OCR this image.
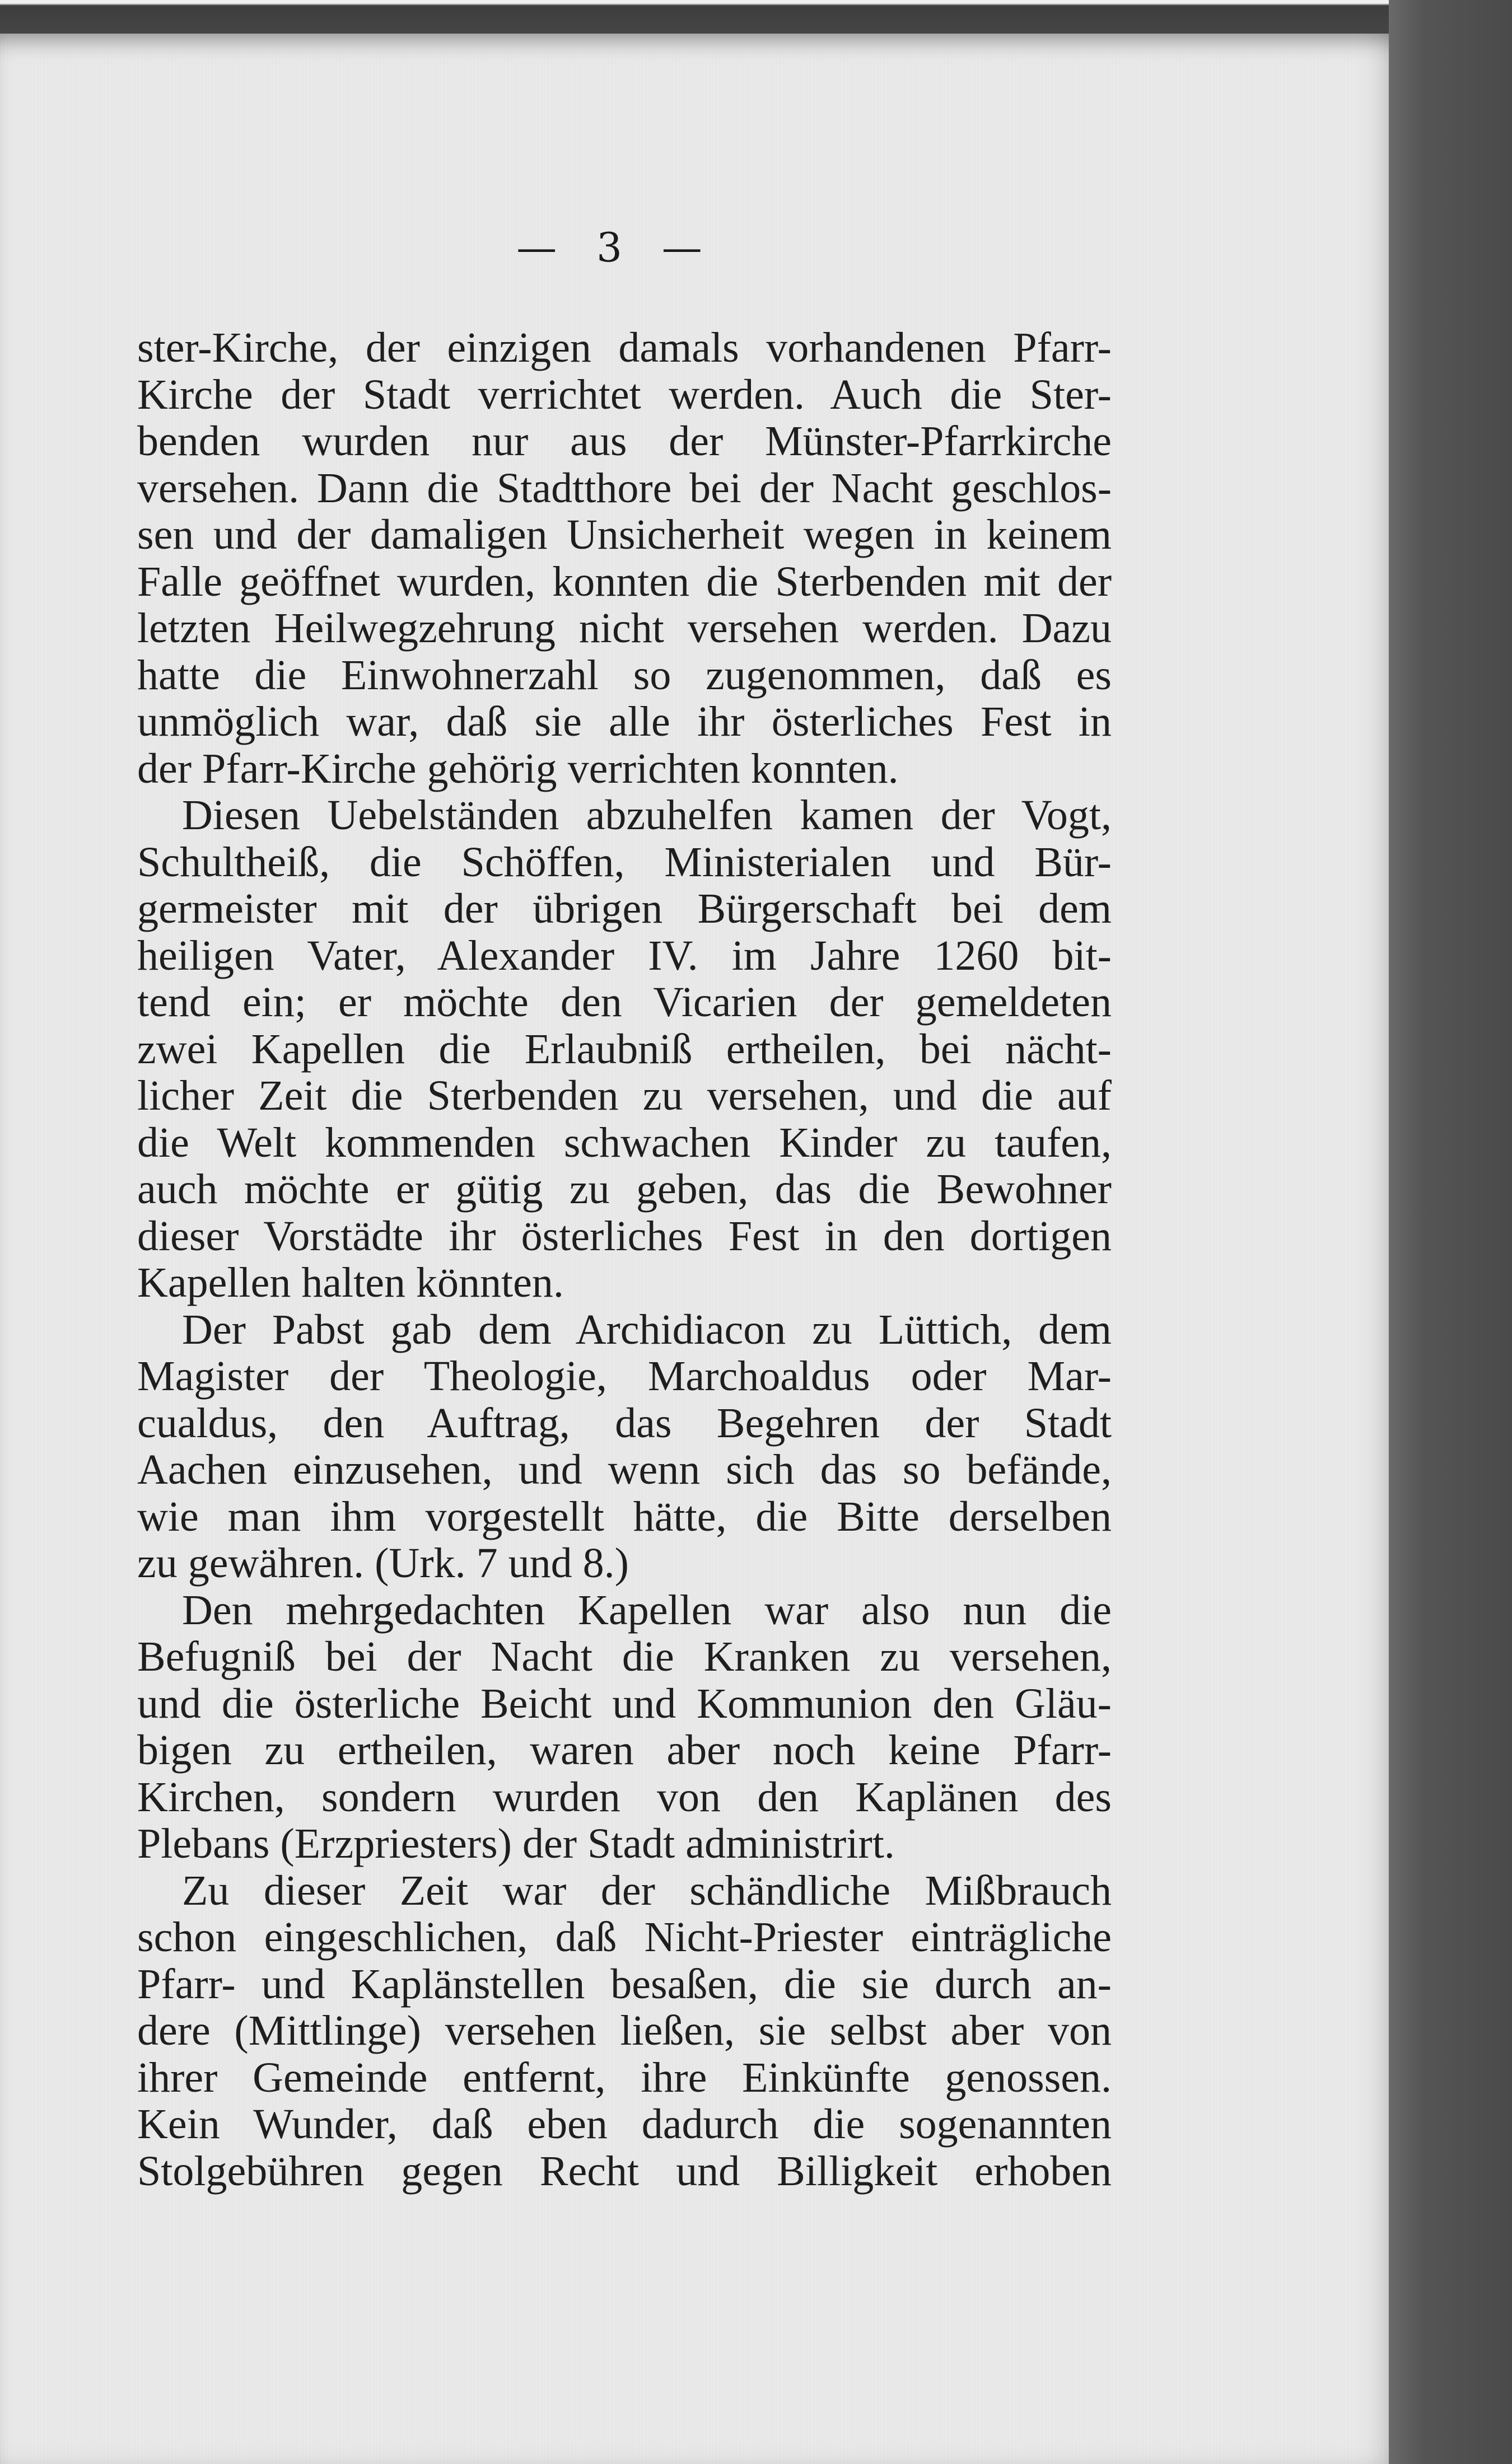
— 3 —
ster-Kirche, der einzigen damals vorhandenen Pfarr-
Kirche der Stadt verrichtet werden. Auch die Ster-
benden wurden nur aus der Münster-Pfarrkirche
versehen. Dann die Stadtthore bei der Nacht geschlos-
sen und der damaligen Unsicherheit wegen in keinem
Falle geöffnet wurden, konnten die Sterbenden mit der
letzten Heilwegzehrung nicht versehen werden. Dazu
hatte die Einwohnerzahl so zugenommen, daß es
unmöglich war, daß sie alle ihr österliches Fest in
der Pfarr-Kirche gehörig verrichten konnten.
Diesen Uebelständen abzuhelfen kamen der Vogt,
Schultheiß, die Schöffen, Ministerialen und Bür-
germeister mit der übrigen Bürgerschaft bei dem
heiligen Vater, Alexander IV. im Jahre 1260 bit-
tend ein; er möchte den Vicarien der gemeldeten
zwei Kapellen die Erlaubniß ertheilen, bei nächt-
licher Zeit die Sterbenden zu versehen, und die auf
die Welt kommenden schwachen Kinder zu taufen,
auch möchte er gütig zu geben, das die Bewohner
dieser Vorstädte ihr österliches Fest in den dortigen
Kapellen halten könnten.
Der Pabst gab dem Archidiacon zu Lüttich, dem
Magister der Theologie, Marchoaldus oder Mar-
cualdus, den Auftrag, das Begehren der Stadt
Aachen einzusehen, und wenn sich das so befände,
wie man ihm vorgestellt hätte, die Bitte derselben
zu gewähren. (Urk. 7 und 8.)
Den mehrgedachten Kapellen war also nun die
Befugniß bei der Nacht die Kranken zu versehen,
und die österliche Beicht und Kommunion den Gläu-
bigen zu ertheilen, waren aber noch keine Pfarr-
Kirchen, sondern wurden von den Kaplänen des
Plebans (Erzpriesters) der Stadt administrirt.
Zu dieser Zeit war der schändliche Mißbrauch
schon eingeschlichen, daß Nicht-Priester einträgliche
Pfarr- und Kaplänstellen besaßen, die sie durch an-
dere (Mittlinge) versehen ließen, sie selbst aber von
ihrer Gemeinde entfernt, ihre Einkünfte genossen.
Kein Wunder, daß eben dadurch die sogenannten
Stolgebühren gegen Recht und Billigkeit erhoben
